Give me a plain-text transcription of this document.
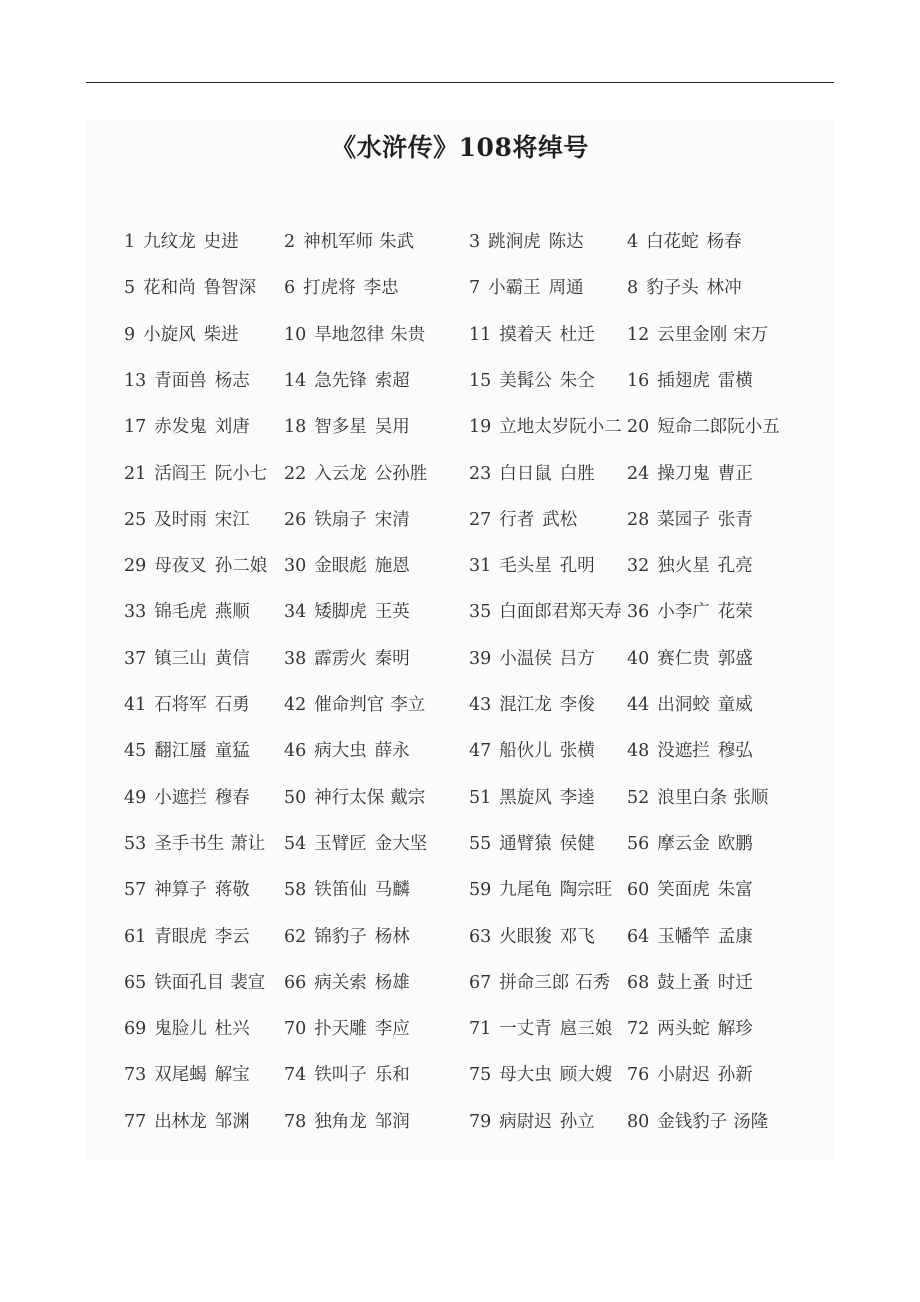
《水浒传》108将绰号
1 九纹龙 史进	2 神机军师 朱武	3 跳涧虎 陈达 4 白花蛇 杨春
5 花和尚 鲁智深 6 打虎将 李忠	7 小霸王 周通 8 豹子头 林冲
9 小旋风 柴进	10 旱地忽律 朱贵 11 摸着天 杜迁 12 云里金刚 宋万
13 青面兽 杨志 14 急先锋 索超	15 美髯公 朱仝 16 插翅虎 雷横
17 赤发鬼 刘唐 18 智多星 吴用	19 立地太岁阮小二 20 短命二郎阮小五
21 活阎王 阮小七 22 入云龙 公孙胜 23 白日鼠 白胜 24 操刀鬼 曹正
25 及时雨 宋江 26 铁扇子 宋清	27 行者 武松	28 菜园子 张青
29 母夜叉 孙二娘 30 金眼彪 施恩	31 毛头星 孔明 32 独火星 孔亮
33 锦毛虎 燕顺 34 矮脚虎 王英	35 白面郎君郑天寿 36 小李广 花荣
37 镇三山 黄信 38 霹雳火 秦明	39 小温侯 吕方 40 赛仁贵 郭盛
41 石将军 石勇 42 催命判官 李立 43 混江龙 李俊 44 出洞蛟 童威
45 翻江蜃 童猛 46 病大虫 薛永	47 船伙儿 张横 48 没遮拦 穆弘
49 小遮拦 穆春 50 神行太保 戴宗 51 黑旋风 李逵 52 浪里白条 张顺
53 圣手书生 萧让 54 玉臂匠 金大坚 55 通臂猿 侯健 56 摩云金 欧鹏
57 神算子 蒋敬 58 铁笛仙 马麟	59 九尾龟 陶宗旺 60 笑面虎 朱富
61 青眼虎 李云 62 锦豹子 杨林	63 火眼狻 邓飞 64 玉幡竿 孟康
65 铁面孔目 裴宣 66 病关索 杨雄	67 拼命三郎 石秀 68 鼓上蚤 时迁
69 鬼脸儿 杜兴 70 扑天雕 李应	71 一丈青 扈三娘 72 两头蛇 解珍
73 双尾蝎 解宝 74 铁叫子 乐和	75 母大虫 顾大嫂 76 小尉迟 孙新
77 出林龙 邹渊 78 独角龙 邹润	79 病尉迟 孙立 80 金钱豹子 汤隆
